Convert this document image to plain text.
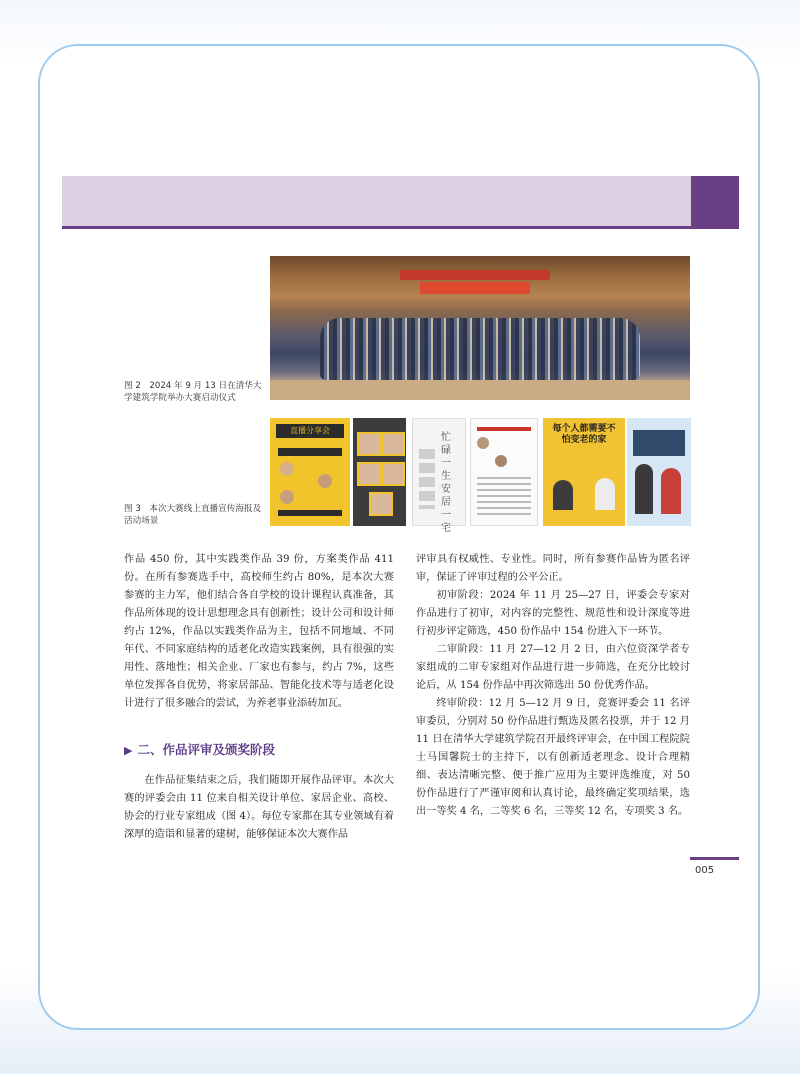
图 2　2024 年 9 月 13 日在清华大学建筑学院举办大赛启动仪式
直播分享会
忙碌一生 安居一宅
每个人都需要不怕变老的家
图 3　本次大赛线上直播宣传海报及活动场景

作品 450 份，其中实践类作品 39 份，方案类作品 411 份。在所有参赛选手中，高校师生约占 80%，是本次大赛参赛的主力军，他们结合各自学校的设计课程认真准备，其作品所体现的设计思想理念具有创新性；设计公司和设计师约占 12%，作品以实践类作品为主，包括不同地域、不同年代、不同家庭结构的适老化改造实践案例，具有很强的实用性、落地性；相关企业、厂家也有参与，约占 7%，这些单位发挥各自优势，将家居部品、智能化技术等与适老化设计进行了很多融合的尝试，为养老事业添砖加瓦。

▶ 二、作品评审及颁奖阶段

在作品征集结束之后，我们随即开展作品评审。本次大赛的评委会由 11 位来自相关设计单位、家居企业、高校、协会的行业专家组成（图 4）。每位专家都在其专业领域有着深厚的造诣和显著的建树，能够保证本次大赛作品

评审具有权威性、专业性。同时，所有参赛作品皆为匿名评审，保证了评审过程的公平公正。

初审阶段：2024 年 11 月 25—27 日，评委会专家对作品进行了初审，对内容的完整性、规范性和设计深度等进行初步评定筛选，450 份作品中 154 份进入下一环节。

二审阶段：11 月 27—12 月 2 日，由六位资深学者专家组成的二审专家组对作品进行进一步筛选，在充分比较讨论后，从 154 份作品中再次筛选出 50 份优秀作品。

终审阶段：12 月 5—12 月 9 日，竞赛评委会 11 名评审委员，分别对 50 份作品进行甄选及匿名投票，并于 12 月 11 日在清华大学建筑学院召开最终评审会，在中国工程院院士马国馨院士的主持下，以有创新适老理念、设计合理精细、表达清晰完整、便于推广应用为主要评选维度，对 50 份作品进行了严谨审阅和认真讨论，最终确定奖项结果，选出一等奖 4 名，二等奖 6 名，三等奖 12 名，专项奖 3 名。

005
